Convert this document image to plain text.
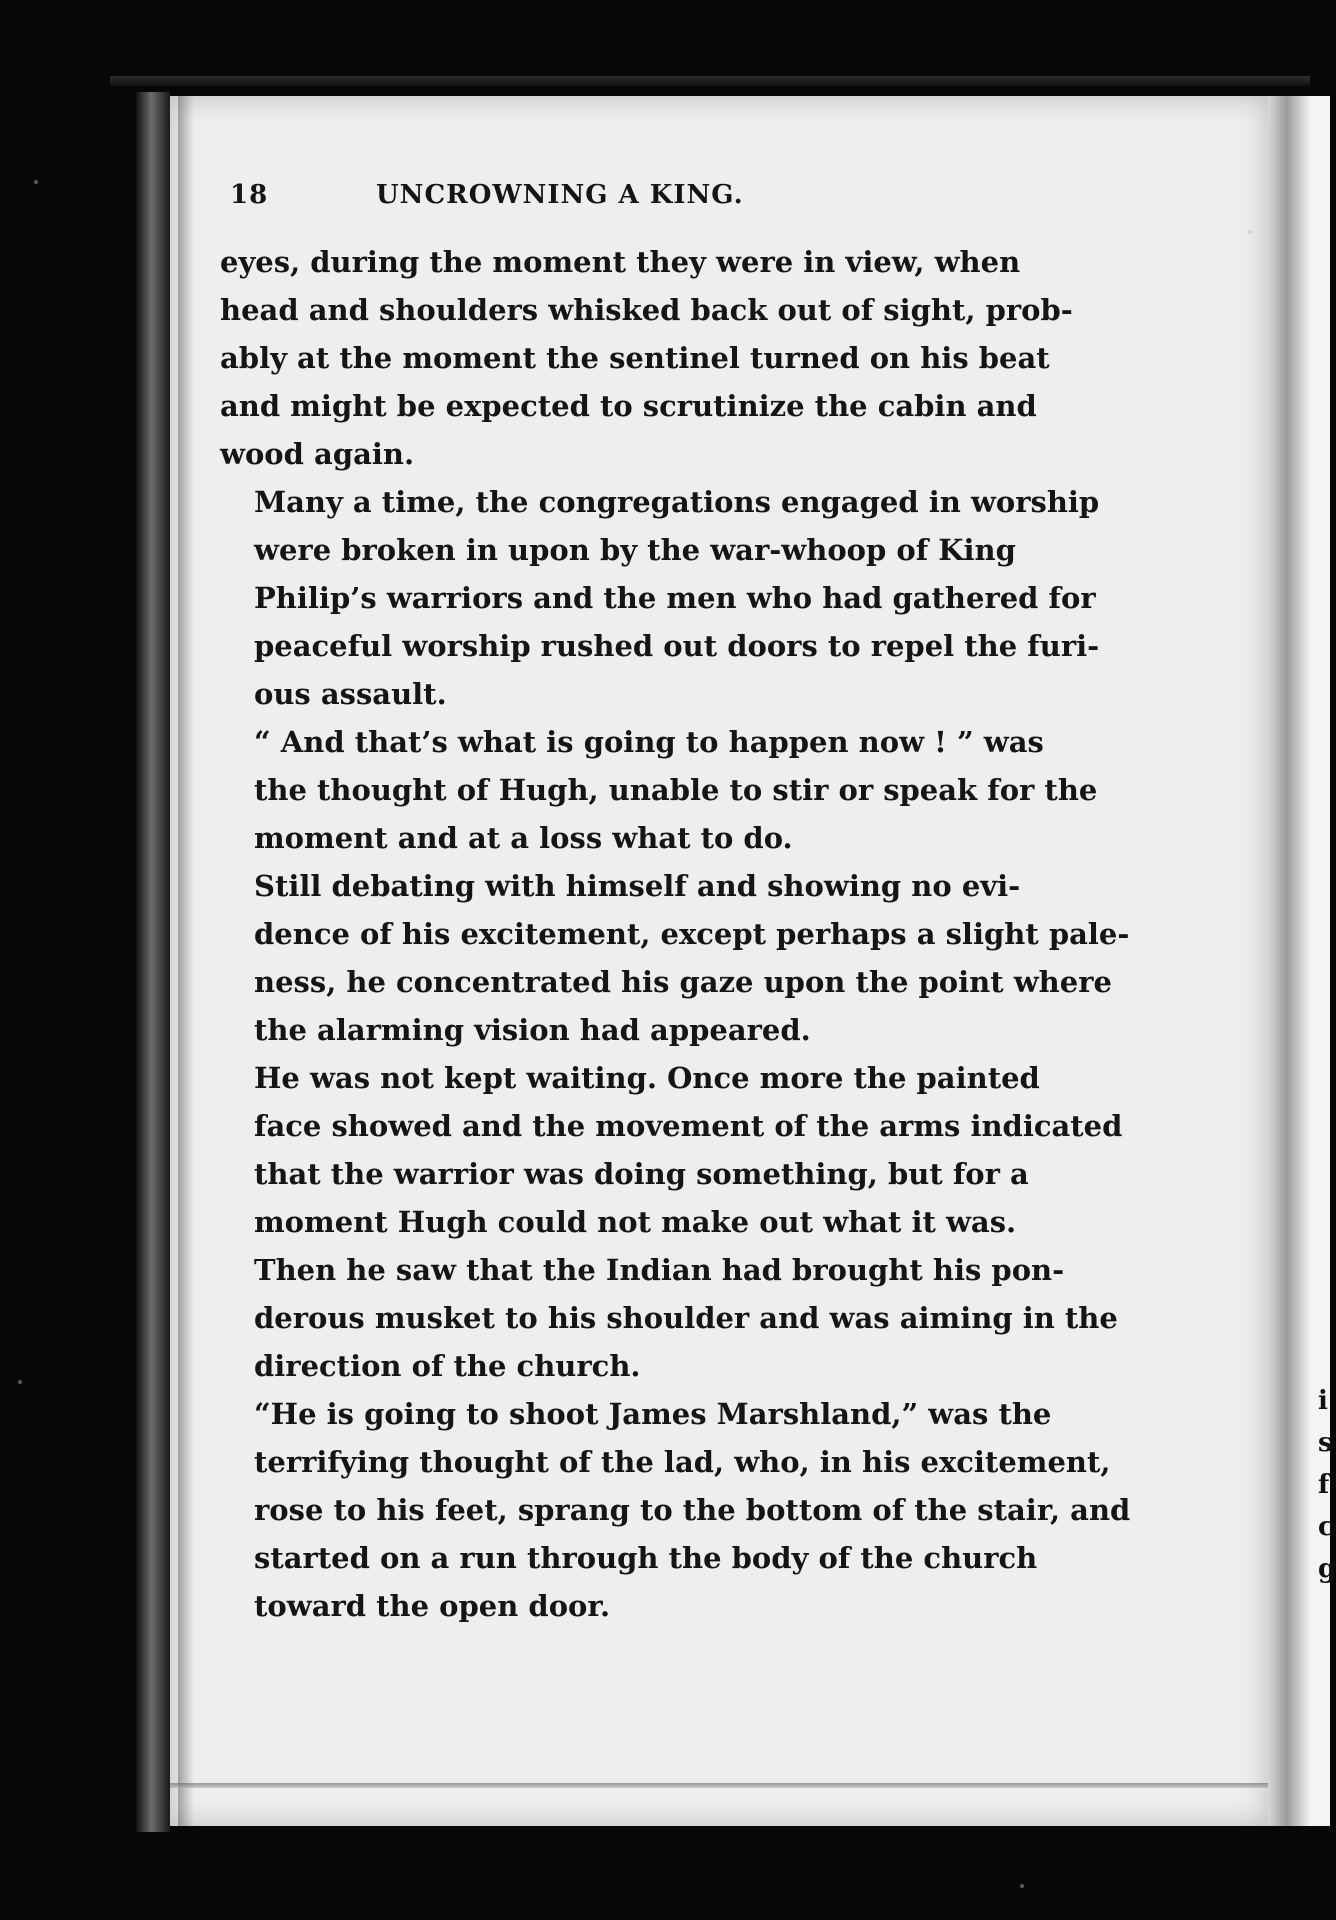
18	UNCROWNING A KING.

eyes, during the moment they were in view, when
head and shoulders whisked back out of sight, prob-
ably at the moment the sentinel turned on his beat
and might be expected to scrutinize the cabin and
wood again.

Many a time, the congregations engaged in worship
were broken in upon by the war-whoop of King
Philip’s warriors and the men who had gathered for
peaceful worship rushed out doors to repel the furi-
ous assault.

“ And that’s what is going to happen now ! ” was
the thought of Hugh, unable to stir or speak for the
moment and at a loss what to do.

Still debating with himself and showing no evi-
dence of his excitement, except perhaps a slight pale-
ness, he concentrated his gaze upon the point where
the alarming vision had appeared.

He was not kept waiting. Once more the painted
face showed and the movement of the arms indicated
that the warrior was doing something, but for a
moment Hugh could not make out what it was.
Then he saw that the Indian had brought his pon-
derous musket to his shoulder and was aiming in the
direction of the church.

“He is going to shoot James Marshland,” was the
terrifying thought of the lad, who, in his excitement,
rose to his feet, sprang to the bottom of the stair, and
started on a run through the body of the church
toward the open door.

i
s
f
c
g
